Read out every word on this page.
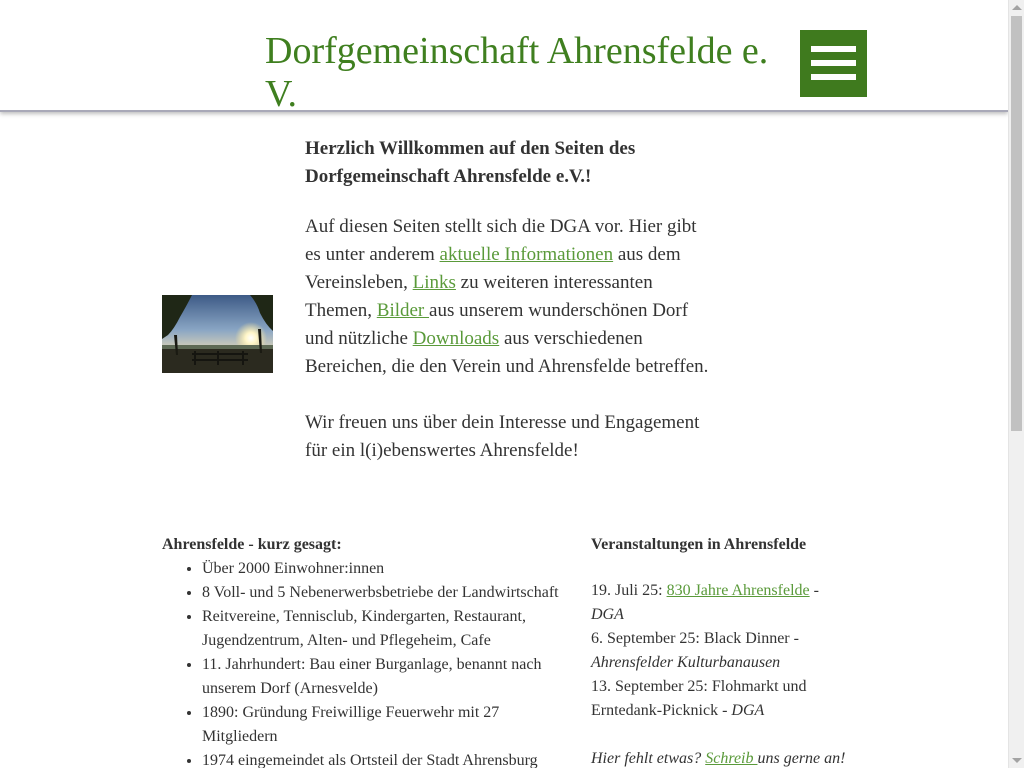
Dorfgemeinschaft Ahrensfelde e. V.
Herzlich Willkommen auf den Seiten des Dorfgemeinschaft Ahrensfelde e.V.!

Auf diesen Seiten stellt sich die DGA vor. Hier gibt es unter anderem aktuelle Informationen aus dem Vereinsleben, Links zu weiteren interessanten Themen, Bilder aus unserem wunderschönen Dorf und nützliche Downloads aus verschiedenen Bereichen, die den Verein und Ahrensfelde betreffen.

Wir freuen uns über dein Interesse und Engagement für ein l(i)ebenswertes Ahrensfelde!

Ahrensfelde - kurz gesagt:
• Über 2000 Einwohner:innen
• 8 Voll- und 5 Nebenerwerbsbetriebe der Landwirtschaft
• Reitvereine, Tennisclub, Kindergarten, Restaurant, Jugendzentrum, Alten- und Pflegeheim, Cafe
• 11. Jahrhundert: Bau einer Burganlage, benannt nach unserem Dorf (Arnesvelde)
• 1890: Gründung Freiwillige Feuerwehr mit 27 Mitgliedern
• 1974 eingemeindet als Ortsteil der Stadt Ahrensburg
Veranstaltungen in Ahrensfelde
19. Juli 25: 830 Jahre Ahrensfelde - DGA
6. September 25: Black Dinner - Ahrensfelder Kulturbanausen
13. September 25: Flohmarkt und Erntedank-Picknick - DGA
Hier fehlt etwas? Schreib uns gerne an!
